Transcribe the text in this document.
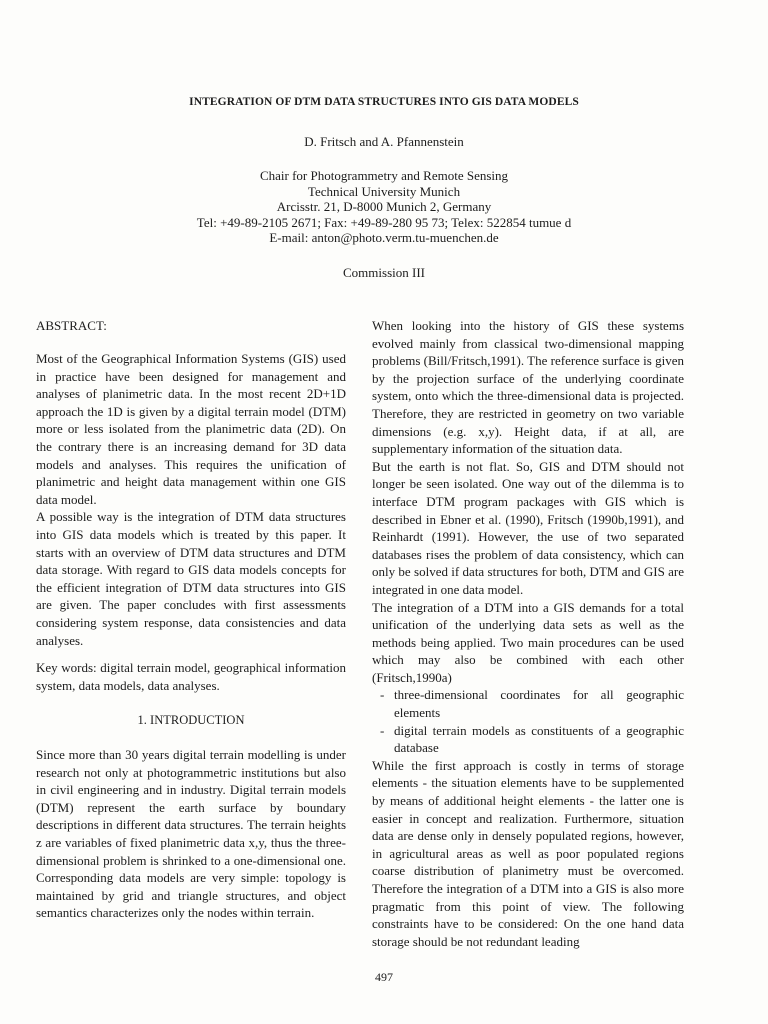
INTEGRATION OF DTM DATA STRUCTURES INTO GIS DATA MODELS
D. Fritsch and A. Pfannenstein
Chair for Photogrammetry and Remote Sensing
Technical University Munich
Arcisstr. 21, D-8000 Munich 2, Germany
Tel: +49-89-2105 2671; Fax: +49-89-280 95 73; Telex: 522854 tumue d
E-mail: anton@photo.verm.tu-muenchen.de
Commission III
ABSTRACT:

Most of the Geographical Information Systems (GIS) used in practice have been designed for management and analyses of planimetric data. In the most recent 2D+1D approach the 1D is given by a digital terrain model (DTM) more or less isolated from the planimetric data (2D). On the contrary there is an increasing demand for 3D data models and analyses. This requires the unification of planimetric and height data management within one GIS data model.

A possible way is the integration of DTM data structures into GIS data models which is treated by this paper. It starts with an overview of DTM data structures and DTM data storage. With regard to GIS data models concepts for the efficient integration of DTM data structures into GIS are given. The paper concludes with first assessments considering system response, data consistencies and data analyses.

Key words: digital terrain model, geographical information system, data models, data analyses.

1. INTRODUCTION

Since more than 30 years digital terrain modelling is under research not only at photogrammetric institutions but also in civil engineering and in industry. Digital terrain models (DTM) represent the earth surface by boundary descriptions in different data structures. The terrain heights z are variables of fixed planimetric data x,y, thus the three-dimensional problem is shrinked to a one-dimensional one. Corresponding data models are very simple: topology is maintained by grid and triangle structures, and object semantics characterizes only the nodes within terrain.

When looking into the history of GIS these systems evolved mainly from classical two-dimensional mapping problems (Bill/Fritsch,1991). The reference surface is given by the projection surface of the underlying coordinate system, onto which the three-dimensional data is projected. Therefore, they are restricted in geometry on two variable dimensions (e.g. x,y). Height data, if at all, are supplementary information of the situation data.

But the earth is not flat. So, GIS and DTM should not longer be seen isolated. One way out of the dilemma is to interface DTM program packages with GIS which is described in Ebner et al. (1990), Fritsch (1990b,1991), and Reinhardt (1991). However, the use of two separated databases rises the problem of data consistency, which can only be solved if data structures for both, DTM and GIS are integrated in one data model.

The integration of a DTM into a GIS demands for a total unification of the underlying data sets as well as the methods being applied. Two main procedures can be used which may also be combined with each other (Fritsch,1990a)

- three-dimensional coordinates for all geographic elements
- digital terrain models as constituents of a geographic database

While the first approach is costly in terms of storage elements - the situation elements have to be supplemented by means of additional height elements - the latter one is easier in concept and realization. Furthermore, situation data are dense only in densely populated regions, however, in agricultural areas as well as poor populated regions coarse distribution of planimetry must be overcomed. Therefore the integration of a DTM into a GIS is also more pragmatic from this point of view. The following constraints have to be considered: On the one hand data storage should be not redundant leading

497
